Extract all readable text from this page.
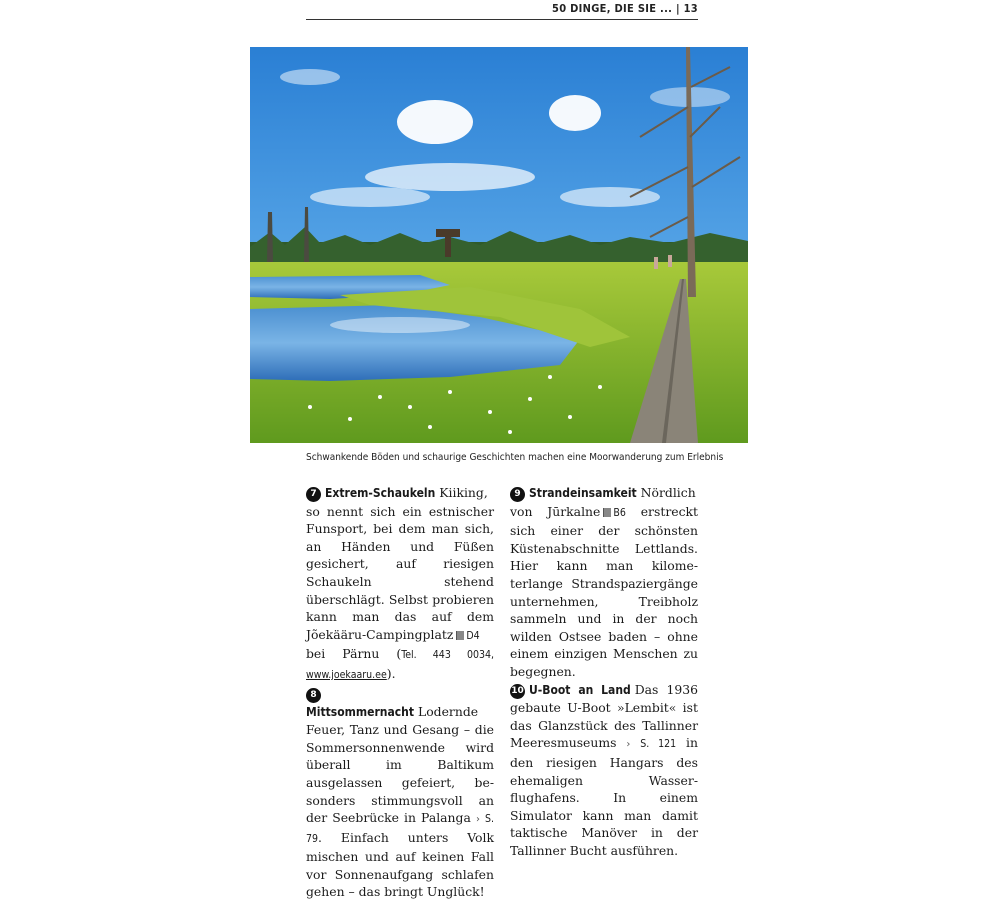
50 DINGE, DIE SIE ... | 13
Schwankende Böden und schaurige Geschichten machen eine Moorwanderung zum Erlebnis

7 Extrem-Schaukeln Kiiking, so nennt sich ein estnischer Funsport, bei dem man sich, an Händen und Füßen gesichert, auf riesigen Schaukeln stehend überschlägt. Selbst probieren kann man das auf dem Jõekääru-Campingplatz D4 bei Pärnu (Tel. 443 0034, www.joekaaru.ee).

8Mittsommernacht Lodernde Feuer, Tanz und Gesang – die Sommersonnenwende wird überall im Baltikum ausgelassen gefeiert, besonders stimmungsvoll an der Seebrücke in Palanga › S. 79. Einfach unters Volk mischen und auf keinen Fall vor Sonnenaufgang schlafen gehen – das bringt Unglück!

9 Strandeinsamkeit Nördlich von Jūrkalne B6 erstreckt sich einer der schönsten Küstenabschnitte Lettlands. Hier kann man kilometerlange Strandspaziergänge unternehmen, Treibholz sammeln und in der noch wilden Ostsee baden – ohne einem einzigen Menschen zu begegnen.

10 U-Boot an Land Das 1936 gebaute U-Boot »Lembit« ist das Glanzstück des Tallinner Meeresmuseums › S. 121 in den riesigen Hangars des ehemaligen Wasserflughafens. In einem Simulator kann man damit taktische Manöver in der Tallinner Bucht ausführen.
